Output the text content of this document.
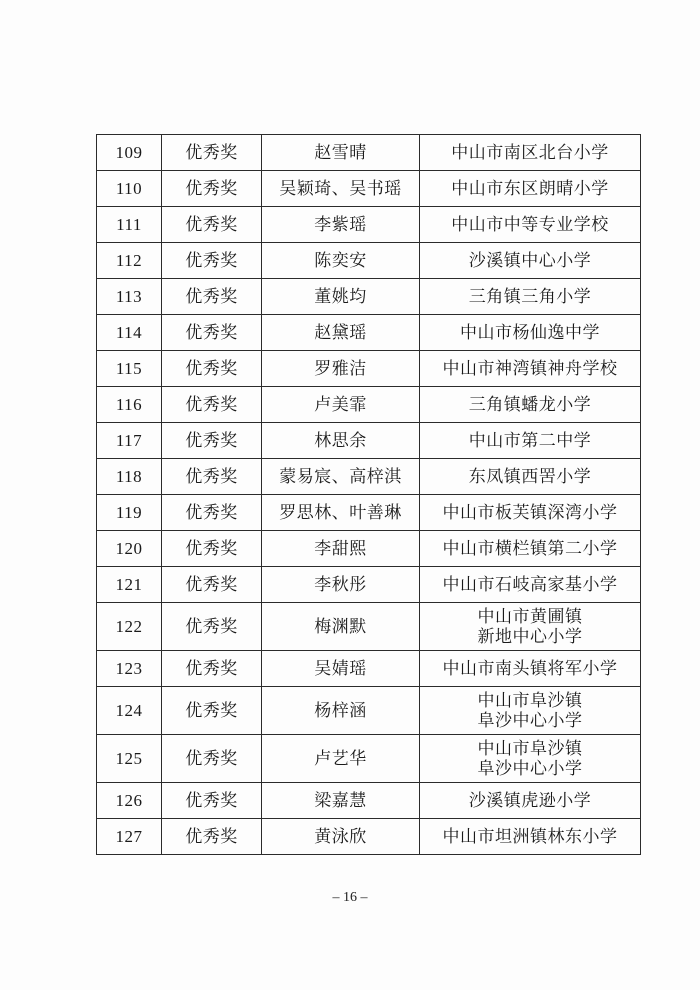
109	优秀奖	赵雪晴	中山市南区北台小学

110	优秀奖	吴颖琦、吴书瑶	中山市东区朗晴小学

111	优秀奖	李紫瑶	中山市中等专业学校

112	优秀奖	陈奕安	沙溪镇中心小学

113	优秀奖	董姚均	三角镇三角小学

114	优秀奖	赵黛瑶	中山市杨仙逸中学

115	优秀奖	罗雅洁	中山市神湾镇神舟学校

116	优秀奖	卢美霏	三角镇蟠龙小学

117	优秀奖	林思余	中山市第二中学

118	优秀奖	蒙易宸、高梓淇	东凤镇西罟小学

119	优秀奖	罗思林、叶善琳	中山市板芙镇深湾小学

120	优秀奖	李甜熙	中山市横栏镇第二小学

121	优秀奖	李秋彤	中山市石岐高家基小学

122	优秀奖	梅渊默	中山市黄圃镇
新地中心小学

123	优秀奖	吴婧瑶	中山市南头镇将军小学

124	优秀奖	杨梓涵	中山市阜沙镇
阜沙中心小学

125	优秀奖	卢艺华	中山市阜沙镇
阜沙中心小学

126	优秀奖	梁嘉慧	沙溪镇虎逊小学

127	优秀奖	黄泳欣	中山市坦洲镇林东小学
– 16 –
